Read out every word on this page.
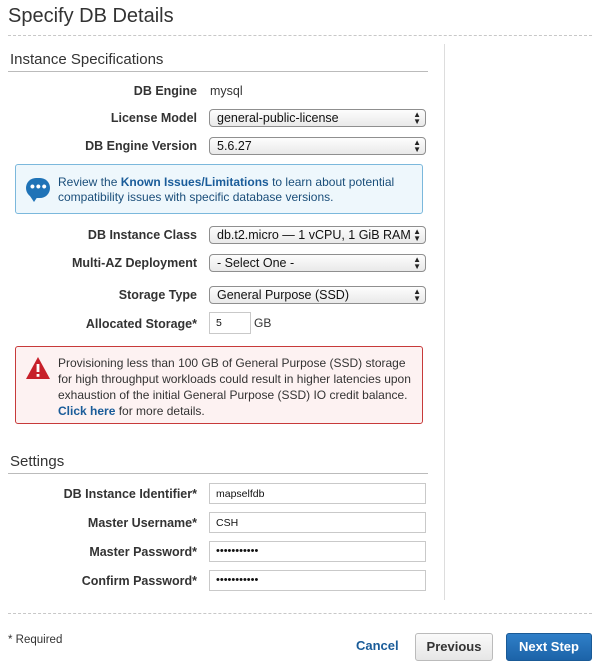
Specify DB Details
Instance Specifications
DB Engine mysql
License Model	general-public-license	▲
▼
DB Engine Version	5.6.27	▲
▼
••• Review the Known Issues/Limitations to learn about potential compatibility issues with specific database versions.
DB Instance Class	db.t2.micro — 1 vCPU, 1 GiB RAM ▲
▼
Multi-AZ Deployment	- Select One -	▲
▼
Storage Type	General Purpose (SSD)	▲
▼
Allocated Storage*	5	GB
Provisioning less than 100 GB of General Purpose (SSD) storage for high throughput workloads could result in higher latencies upon exhaustion of the initial General Purpose (SSD) IO credit balance.
Click here for more details.
Settings
DB Instance Identifier*	mapselfdb
Master Username*	CSH
Master Password*	•••••••••••
Confirm Password*	•••••••••••
* Required	Cancel	Previous	Next Step
